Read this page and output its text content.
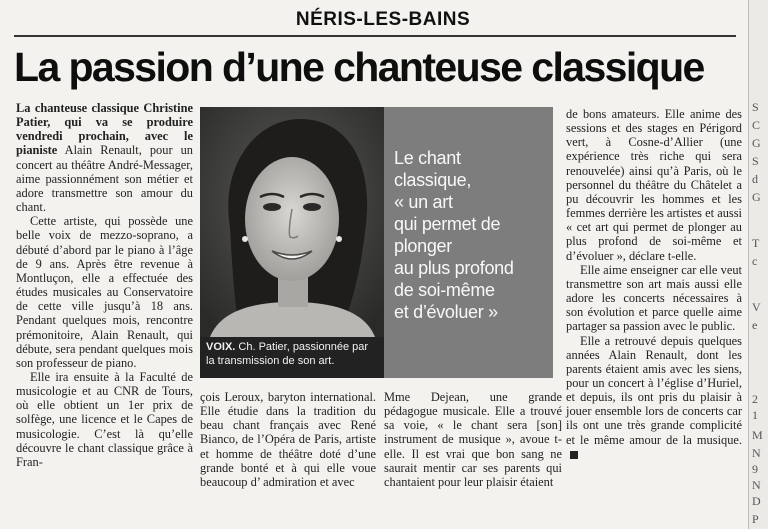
NÉRIS-LES-BAINS
La passion d’une chanteuse classique

La chanteuse classique Christine Patier, qui va se produire vendredi prochain, avec le pianiste Alain Renault, pour un concert au théâtre André-Messager, aime passionnément son métier et adore transmettre son amour du chant.

Cette artiste, qui possède une belle voix de mezzo-soprano, a débuté d’abord par le piano à l’âge de 9 ans. Après être revenue à Montluçon, elle a effectuée des études musicales au Conservatoire de cette ville jusqu’à 18 ans. Pendant quelques mois, rencontre prémonitoire, Alain Renault, qui débute, sera pendant quelques mois son professeur de piano.

Elle ira ensuite à la Faculté de musicologie et au CNR de Tours, où elle obtient un 1er prix de solfège, une licence et le Capes de musicologie. C’est là qu’elle découvre le chant classique grâce à Fran-

VOIX. Ch. Patier, passionnée par la transmission de son art.
Le chant
classique,
« un art
qui permet de
plonger
au plus profond
de soi-même
et d’évoluer »

çois Leroux, baryton international. Elle étudie dans la tradition du beau chant français avec René Bianco, de l’Opéra de Paris, artiste et homme de théâtre doté d’une grande bonté et à qui elle voue beaucoup d’ admiration et avec

Mme Dejean, une grande pédagogue musicale. Elle a trouvé sa voie, « le chant sera [son] instrument de musique », avoue t-elle. Il est vrai que bon sang ne saurait mentir car ses parents qui chantaient pour leur plaisir étaient

de bons amateurs. Elle anime des sessions et des stages en Périgord vert, à Cosne-d’Allier (une expérience très riche qui sera renouvelée) ainsi qu’à Paris, où le personnel du théâtre du Châtelet a pu découvrir les hommes et les femmes derrière les artistes et aussi « cet art qui permet de plonger au plus profond de soi-même et d’évoluer », déclare t-elle.

Elle aime enseigner car elle veut transmettre son art mais aussi elle adore les concerts nécessaires à son évolution et parce quelle aime partager sa passion avec le public.

Elle a retrouvé depuis quelques années Alain Renault, dont les parents étaient amis avec les siens, pour un concert à l’église d’Huriel, et depuis, ils ont pris du plaisir à jouer ensemble lors de concerts car ils ont une très grande complicité et le même amour de la musique.

S
C
G
S
d
G
T
c
V
e
2
1
M
N
9
N
D
P
